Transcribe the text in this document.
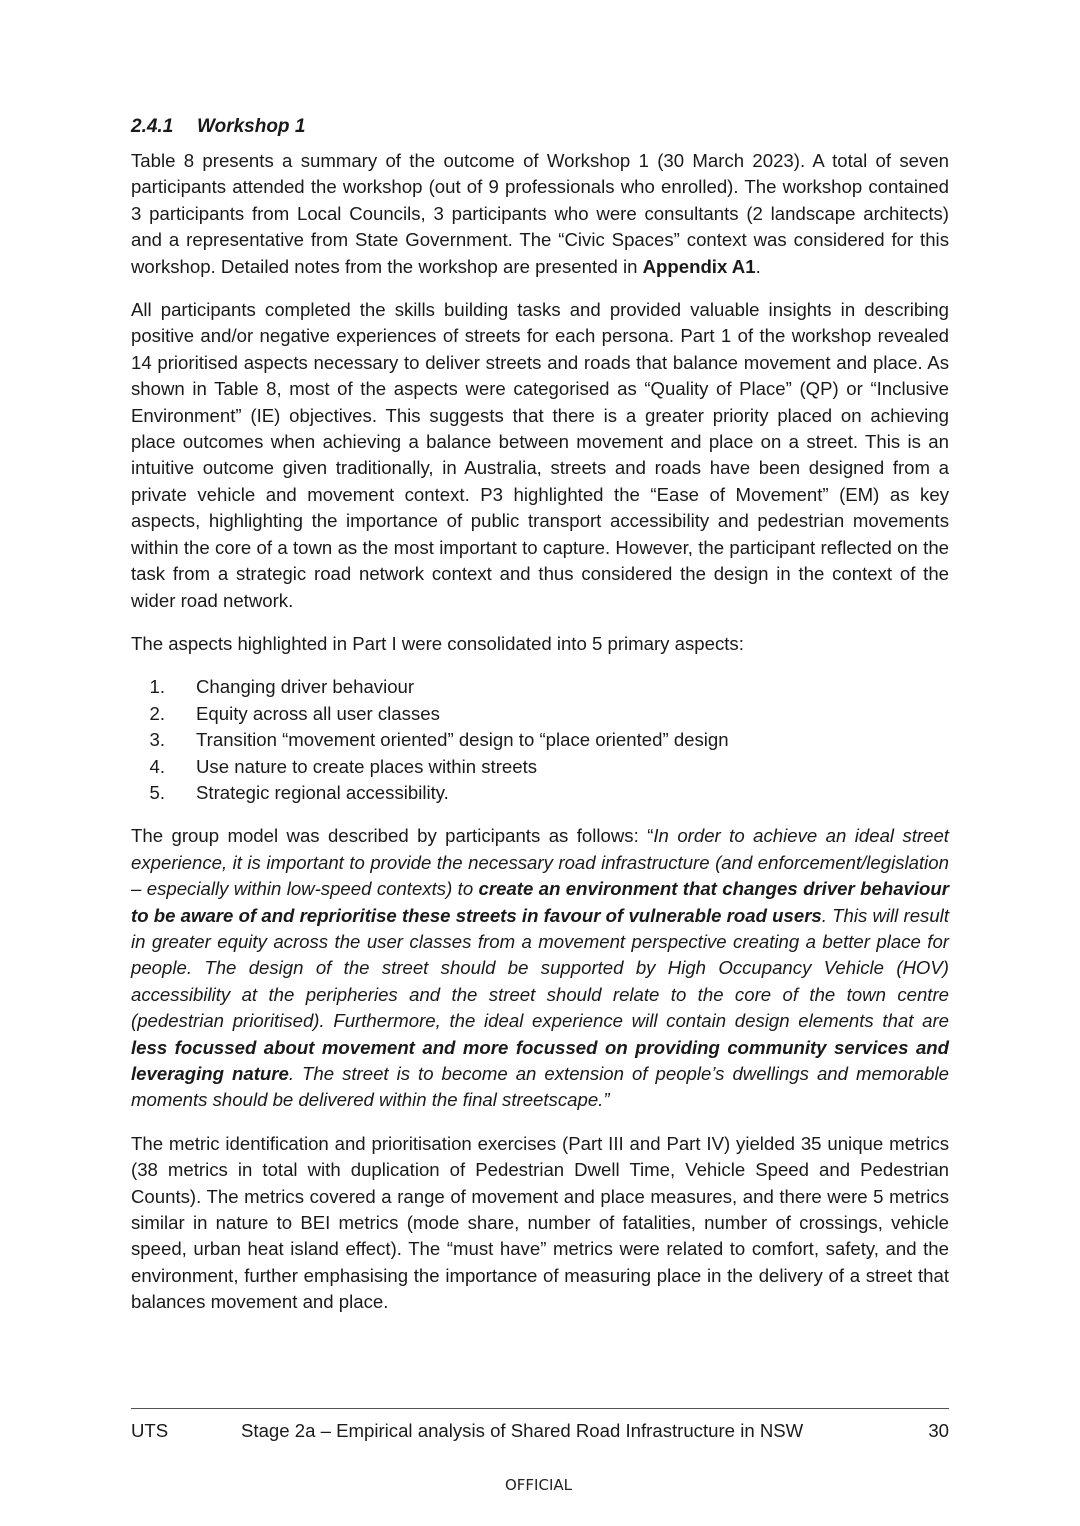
2.4.1 Workshop 1

Table 8 presents a summary of the outcome of Workshop 1 (30 March 2023). A total of seven participants attended the workshop (out of 9 professionals who enrolled). The workshop contained 3 participants from Local Councils, 3 participants who were consultants (2 landscape architects) and a representative from State Government. The “Civic Spaces” context was considered for this workshop. Detailed notes from the workshop are presented in Appendix A1.

All participants completed the skills building tasks and provided valuable insights in describing positive and/or negative experiences of streets for each persona. Part 1 of the workshop revealed 14 prioritised aspects necessary to deliver streets and roads that balance movement and place. As shown in Table 8, most of the aspects were categorised as “Quality of Place” (QP) or “Inclusive Environment” (IE) objectives. This suggests that there is a greater priority placed on achieving place outcomes when achieving a balance between movement and place on a street. This is an intuitive outcome given traditionally, in Australia, streets and roads have been designed from a private vehicle and movement context. P3 highlighted the “Ease of Movement” (EM) as key aspects, highlighting the importance of public transport accessibility and pedestrian movements within the core of a town as the most important to capture. However, the participant reflected on the task from a strategic road network context and thus considered the design in the context of the wider road network.

The aspects highlighted in Part I were consolidated into 5 primary aspects:

1.	Changing driver behaviour
2.	Equity across all user classes
3.	Transition “movement oriented” design to “place oriented” design
4.	Use nature to create places within streets
5.	Strategic regional accessibility.

The group model was described by participants as follows: “In order to achieve an ideal street experience, it is important to provide the necessary road infrastructure (and enforcement/legislation – especially within low-speed contexts) to create an environment that changes driver behaviour to be aware of and reprioritise these streets in favour of vulnerable road users. This will result in greater equity across the user classes from a movement perspective creating a better place for people. The design of the street should be supported by High Occupancy Vehicle (HOV) accessibility at the peripheries and the street should relate to the core of the town centre (pedestrian prioritised). Furthermore, the ideal experience will contain design elements that are less focussed about movement and more focussed on providing community services and leveraging nature. The street is to become an extension of people’s dwellings and memorable moments should be delivered within the final streetscape.”

The metric identification and prioritisation exercises (Part III and Part IV) yielded 35 unique metrics (38 metrics in total with duplication of Pedestrian Dwell Time, Vehicle Speed and Pedestrian Counts). The metrics covered a range of movement and place measures, and there were 5 metrics similar in nature to BEI metrics (mode share, number of fatalities, number of crossings, vehicle speed, urban heat island effect). The “must have” metrics were related to comfort, safety, and the environment, further emphasising the importance of measuring place in the delivery of a street that balances movement and place.

UTS	Stage 2a – Empirical analysis of Shared Road Infrastructure in NSW	30
OFFICIAL
